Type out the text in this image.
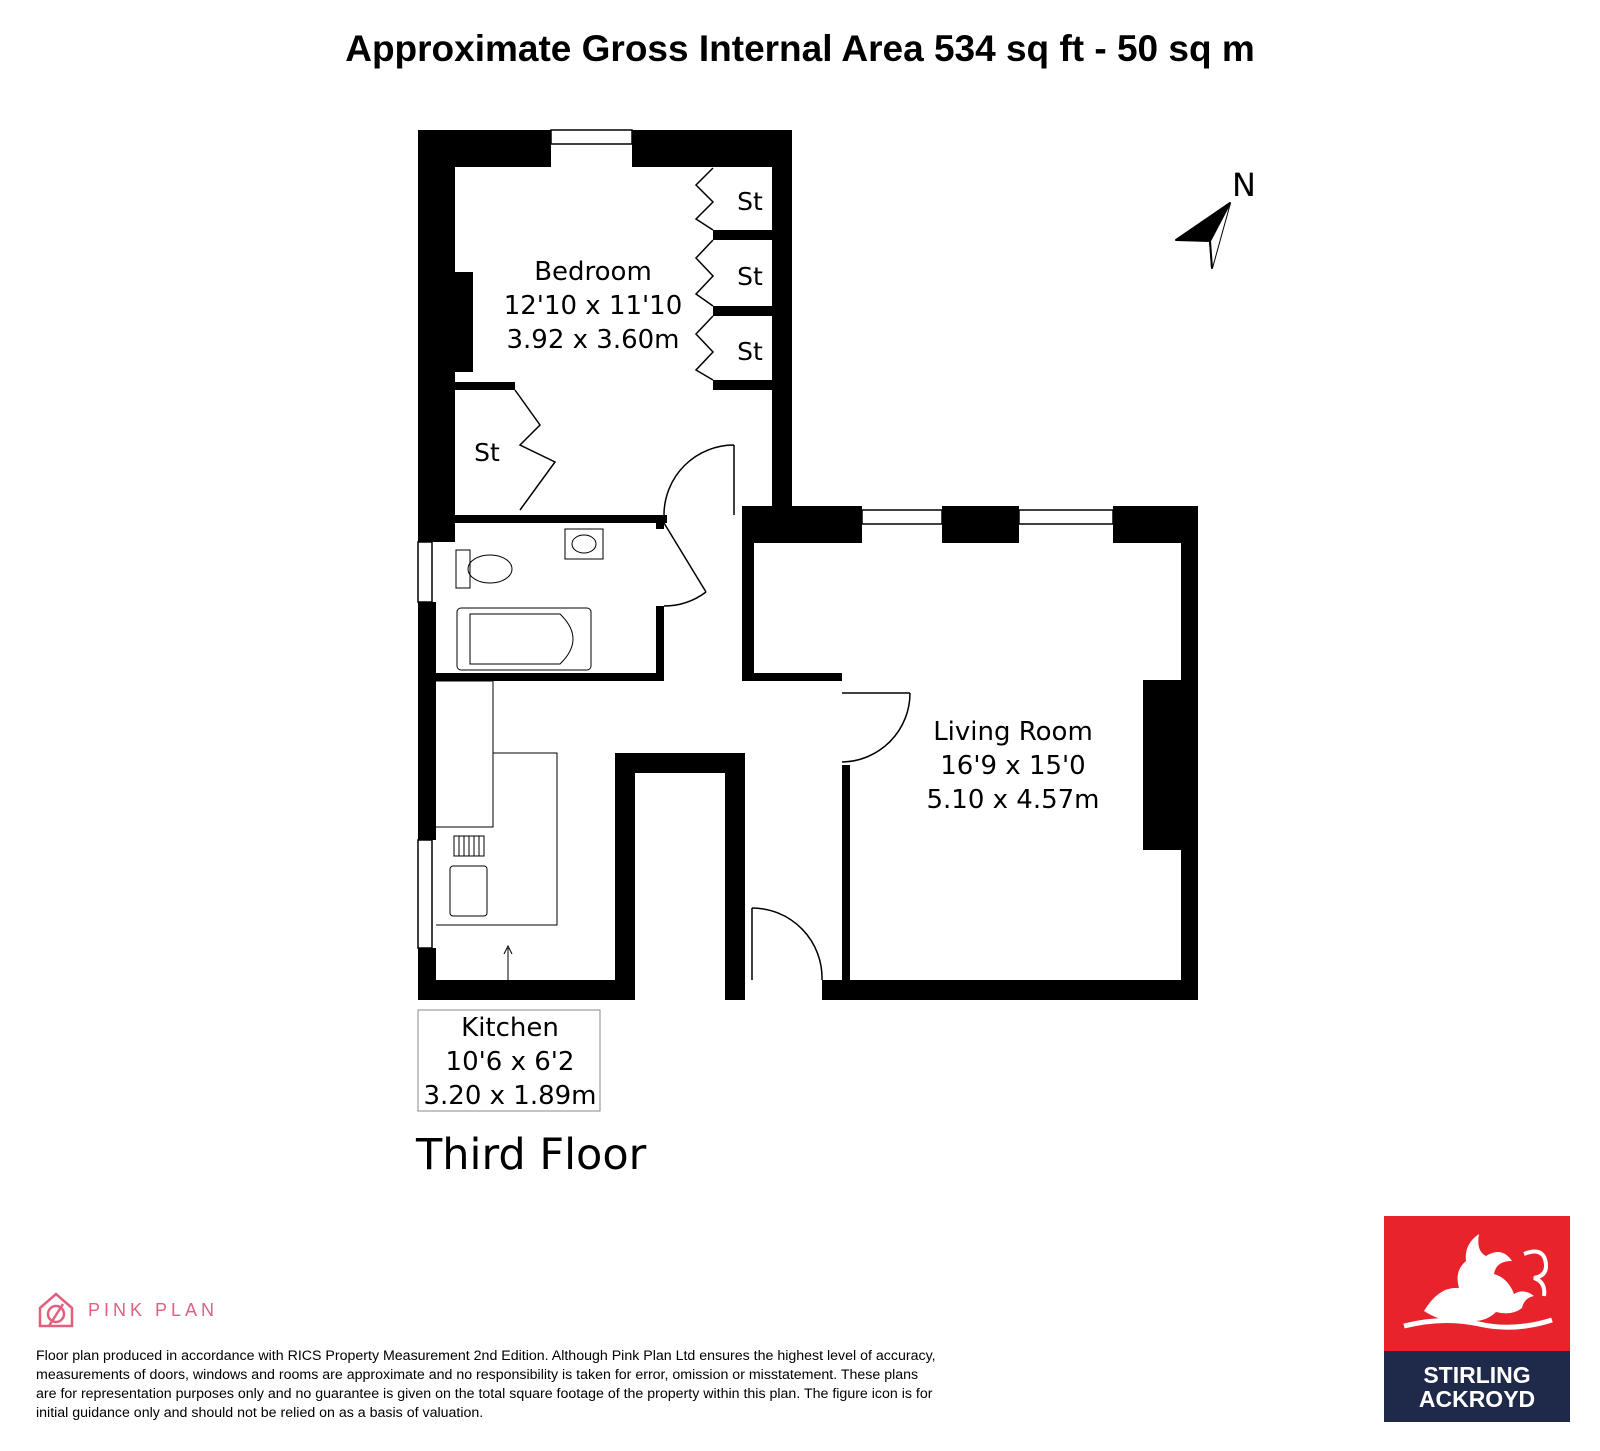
Approximate Gross Internal Area 534 sq ft - 50 sq m
Bedroom
12'10 x 11'10
3.92 x 3.60m
Living Room
16'9 x 15'0
5.10 x 4.57m
Kitchen
10'6 x 6'2
3.20 x 1.89m
St
St
St
St
N
Third Floor
PINK PLAN
Floor plan produced in accordance with RICS Property Measurement 2nd Edition. Although Pink Plan Ltd ensures the highest level of accuracy, measurements of doors, windows and rooms are approximate and no responsibility is taken for error, omission or misstatement. These plans are for representation purposes only and no guarantee is given on the total square footage of the property within this plan. The figure icon is for initial guidance only and should not be relied on as a basis of valuation.
STIRLING
ACKROYD
